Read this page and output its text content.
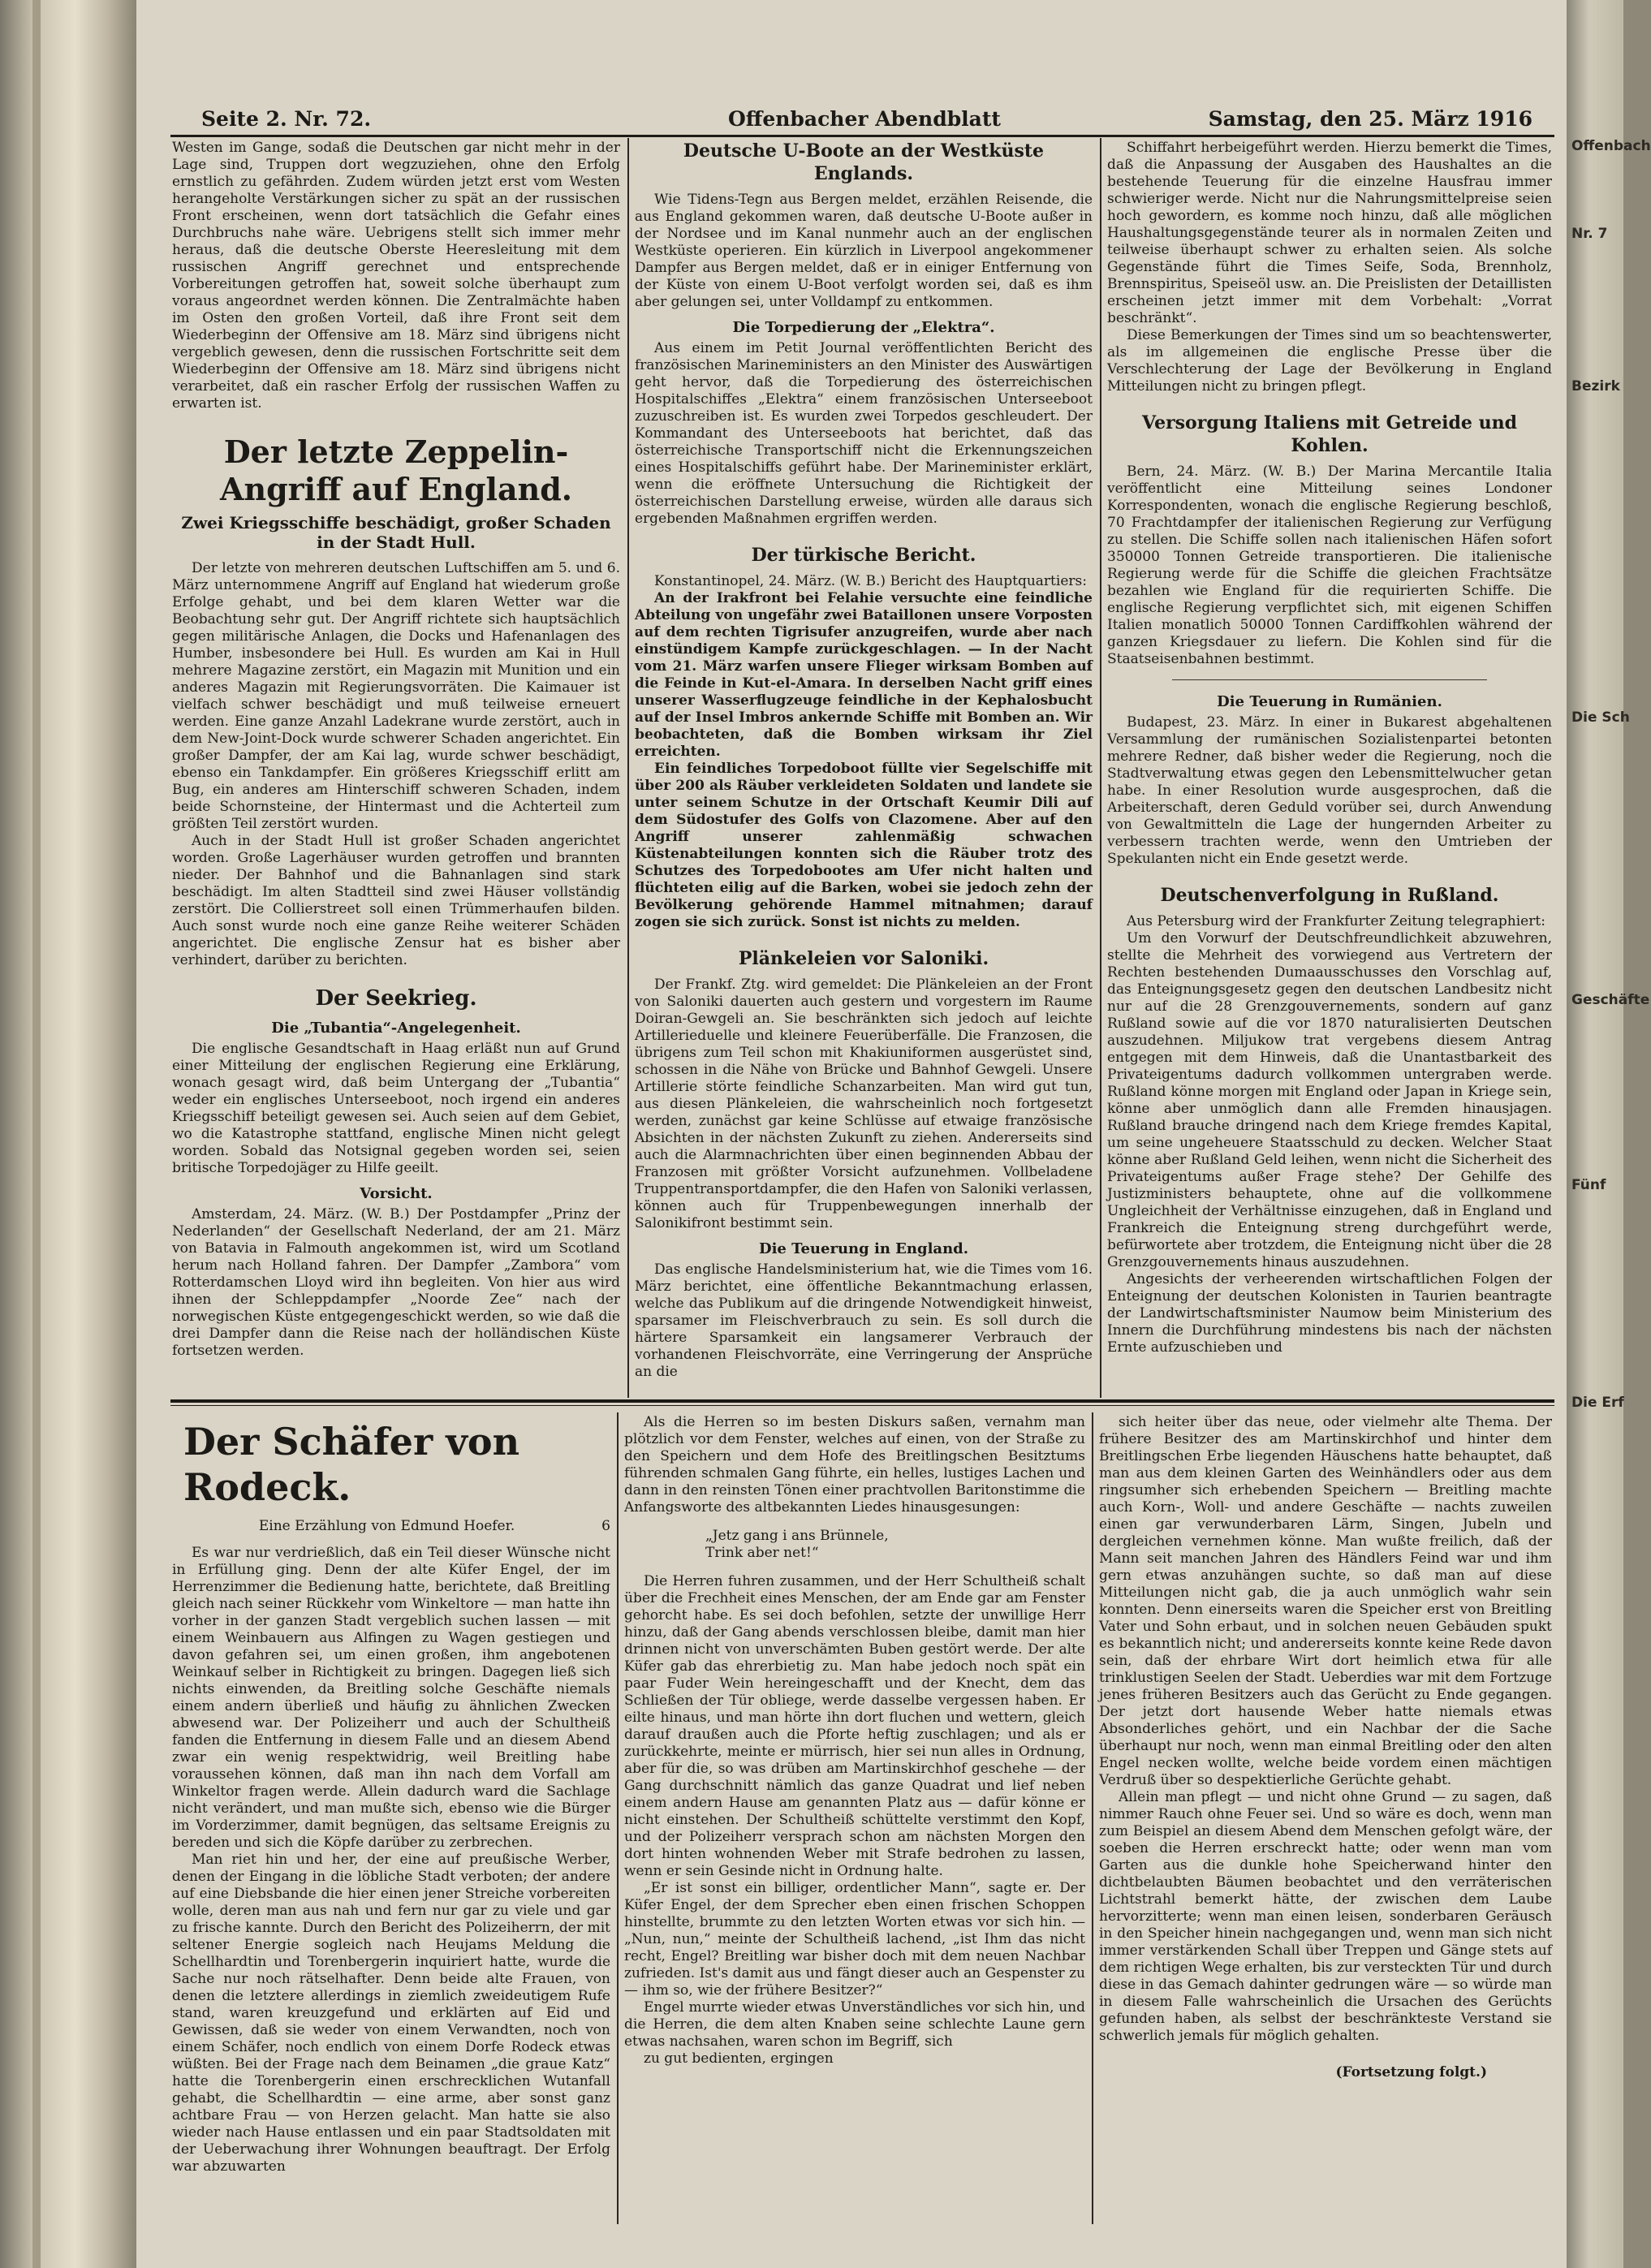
Offenbach
Nr. 7
Bezirk
Die Sch
Geschäfte
Fünf
Die Erf
Seite 2. Nr. 72.	Offenbacher Abendblatt	Samstag, den 25. März 1916

Westen im Gange, sodaß die Deutschen gar nicht mehr in der Lage sind, Truppen dort wegzuziehen, ohne den Erfolg ernstlich zu gefährden. Zudem würden jetzt erst vom Westen herangeholte Verstärkungen sicher zu spät an der russischen Front erscheinen, wenn dort tatsächlich die Gefahr eines Durchbruchs nahe wäre. Uebrigens stellt sich immer mehr heraus, daß die deutsche Oberste Heeresleitung mit dem russischen Angriff gerechnet und entsprechende Vorbereitungen getroffen hat, soweit solche überhaupt zum voraus angeordnet werden können. Die Zentralmächte haben im Osten den großen Vorteil, daß ihre Front seit dem Wiederbeginn der Offensive am 18. März sind übrigens nicht vergeblich gewesen, denn die russischen Fortschritte seit dem Wiederbeginn der Offensive am 18. März sind übrigens nicht verarbeitet, daß ein rascher Erfolg der russischen Waffen zu erwarten ist.

Der letzte Zeppelin-Angriff auf England.
Zwei Kriegsschiffe beschädigt, großer Schaden in der Stadt Hull.

Der letzte von mehreren deutschen Luftschiffen am 5. und 6. März unternommene Angriff auf England hat wiederum große Erfolge gehabt, und bei dem klaren Wetter war die Beobachtung sehr gut. Der Angriff richtete sich hauptsächlich gegen militärische Anlagen, die Docks und Hafenanlagen des Humber, insbesondere bei Hull. Es wurden am Kai in Hull mehrere Magazine zerstört, ein Magazin mit Munition und ein anderes Magazin mit Regierungsvorräten. Die Kaimauer ist vielfach schwer beschädigt und muß teilweise erneuert werden. Eine ganze Anzahl Ladekrane wurde zerstört, auch in dem New-Joint-Dock wurde schwerer Schaden angerichtet. Ein großer Dampfer, der am Kai lag, wurde schwer beschädigt, ebenso ein Tankdampfer. Ein größeres Kriegsschiff erlitt am Bug, ein anderes am Hinterschiff schweren Schaden, indem beide Schornsteine, der Hintermast und die Achterteil zum größten Teil zerstört wurden.

Auch in der Stadt Hull ist großer Schaden angerichtet worden. Große Lagerhäuser wurden getroffen und brannten nieder. Der Bahnhof und die Bahnanlagen sind stark beschädigt. Im alten Stadtteil sind zwei Häuser vollständig zerstört. Die Collierstreet soll einen Trümmerhaufen bilden. Auch sonst wurde noch eine ganze Reihe weiterer Schäden angerichtet. Die englische Zensur hat es bisher aber verhindert, darüber zu berichten.

Der Seekrieg.
Die „Tubantia“-Angelegenheit.

Die englische Gesandtschaft in Haag erläßt nun auf Grund einer Mitteilung der englischen Regierung eine Erklärung, wonach gesagt wird, daß beim Untergang der „Tubantia“ weder ein englisches Unterseeboot, noch irgend ein anderes Kriegsschiff beteiligt gewesen sei. Auch seien auf dem Gebiet, wo die Katastrophe stattfand, englische Minen nicht gelegt worden. Sobald das Notsignal gegeben worden sei, seien britische Torpedojäger zu Hilfe geeilt.

Vorsicht.

Amsterdam, 24. März. (W. B.) Der Postdampfer „Prinz der Nederlanden“ der Gesellschaft Nederland, der am 21. März von Batavia in Falmouth angekommen ist, wird um Scotland herum nach Holland fahren. Der Dampfer „Zambora“ vom Rotterdamschen Lloyd wird ihn begleiten. Von hier aus wird ihnen der Schleppdampfer „Noorde Zee“ nach der norwegischen Küste entgegengeschickt werden, so wie daß die drei Dampfer dann die Reise nach der holländischen Küste fortsetzen werden.

Deutsche U-Boote an der Westküste Englands.

Wie Tidens-Tegn aus Bergen meldet, erzählen Reisende, die aus England gekommen waren, daß deutsche U-Boote außer in der Nordsee und im Kanal nunmehr auch an der englischen Westküste operieren. Ein kürzlich in Liverpool angekommener Dampfer aus Bergen meldet, daß er in einiger Entfernung von der Küste von einem U-Boot verfolgt worden sei, daß es ihm aber gelungen sei, unter Volldampf zu entkommen.

Die Torpedierung der „Elektra“.

Aus einem im Petit Journal veröffentlichten Bericht des französischen Marineministers an den Minister des Auswärtigen geht hervor, daß die Torpedierung des österreichischen Hospitalschiffes „Elektra“ einem französischen Unterseeboot zuzuschreiben ist. Es wurden zwei Torpedos geschleudert. Der Kommandant des Unterseeboots hat berichtet, daß das österreichische Transportschiff nicht die Erkennungszeichen eines Hospitalschiffs geführt habe. Der Marineminister erklärt, wenn die eröffnete Untersuchung die Richtigkeit der österreichischen Darstellung erweise, würden alle daraus sich ergebenden Maßnahmen ergriffen werden.

Der türkische Bericht.

Konstantinopel, 24. März. (W. B.) Bericht des Hauptquartiers:

An der Irakfront bei Felahie versuchte eine feindliche Abteilung von ungefähr zwei Bataillonen unsere Vorposten auf dem rechten Tigrisufer anzugreifen, wurde aber nach einstündigem Kampfe zurückgeschlagen. — In der Nacht vom 21. März warfen unsere Flieger wirksam Bomben auf die Feinde in Kut-el-Amara. In derselben Nacht griff eines unserer Wasserflugzeuge feindliche in der Kephalosbucht auf der Insel Imbros ankernde Schiffe mit Bomben an. Wir beobachteten, daß die Bomben wirksam ihr Ziel erreichten.

Ein feindliches Torpedoboot füllte vier Segelschiffe mit über 200 als Räuber verkleideten Soldaten und landete sie unter seinem Schutze in der Ortschaft Keumir Dili auf dem Südostufer des Golfs von Clazomene. Aber auf den Angriff unserer zahlenmäßig schwachen Küstenabteilungen konnten sich die Räuber trotz des Schutzes des Torpedobootes am Ufer nicht halten und flüchteten eilig auf die Barken, wobei sie jedoch zehn der Bevölkerung gehörende Hammel mitnahmen; darauf zogen sie sich zurück. Sonst ist nichts zu melden.

Plänkeleien vor Saloniki.

Der Frankf. Ztg. wird gemeldet: Die Plänkeleien an der Front von Saloniki dauerten auch gestern und vorgestern im Raume Doiran-Gewgeli an. Sie beschränkten sich jedoch auf leichte Artillerieduelle und kleinere Feuerüberfälle. Die Franzosen, die übrigens zum Teil schon mit Khakiuniformen ausgerüstet sind, schossen in die Nähe von Brücke und Bahnhof Gewgeli. Unsere Artillerie störte feindliche Schanzarbeiten. Man wird gut tun, aus diesen Plänkeleien, die wahrscheinlich noch fortgesetzt werden, zunächst gar keine Schlüsse auf etwaige französische Absichten in der nächsten Zukunft zu ziehen. Andererseits sind auch die Alarmnachrichten über einen beginnenden Abbau der Franzosen mit größter Vorsicht aufzunehmen. Vollbeladene Truppentransportdampfer, die den Hafen von Saloniki verlassen, können auch für Truppenbewegungen innerhalb der Salonikifront bestimmt sein.

Die Teuerung in England.

Das englische Handelsministerium hat, wie die Times vom 16. März berichtet, eine öffentliche Bekanntmachung erlassen, welche das Publikum auf die dringende Notwendigkeit hinweist, sparsamer im Fleischverbrauch zu sein. Es soll durch die härtere Sparsamkeit ein langsamerer Verbrauch der vorhandenen Fleischvorräte, eine Verringerung der Ansprüche an die

Schiffahrt herbeigeführt werden. Hierzu bemerkt die Times, daß die Anpassung der Ausgaben des Haushaltes an die bestehende Teuerung für die einzelne Hausfrau immer schwieriger werde. Nicht nur die Nahrungsmittelpreise seien hoch gewordern, es komme noch hinzu, daß alle möglichen Haushaltungsgegenstände teurer als in normalen Zeiten und teilweise überhaupt schwer zu erhalten seien. Als solche Gegenstände führt die Times Seife, Soda, Brennholz, Brennspiritus, Speiseöl usw. an. Die Preislisten der Detaillisten erscheinen jetzt immer mit dem Vorbehalt: „Vorrat beschränkt“.

Diese Bemerkungen der Times sind um so beachtenswerter, als im allgemeinen die englische Presse über die Verschlechterung der Lage der Bevölkerung in England Mitteilungen nicht zu bringen pflegt.

Versorgung Italiens mit Getreide und Kohlen.

Bern, 24. März. (W. B.) Der Marina Mercantile Italia veröffentlicht eine Mitteilung seines Londoner Korrespondenten, wonach die englische Regierung beschloß, 70 Frachtdampfer der italienischen Regierung zur Verfügung zu stellen. Die Schiffe sollen nach italienischen Häfen sofort 350000 Tonnen Getreide transportieren. Die italienische Regierung werde für die Schiffe die gleichen Frachtsätze bezahlen wie England für die requirierten Schiffe. Die englische Regierung verpflichtet sich, mit eigenen Schiffen Italien monatlich 50000 Tonnen Cardiffkohlen während der ganzen Kriegsdauer zu liefern. Die Kohlen sind für die Staatseisenbahnen bestimmt.

Die Teuerung in Rumänien.

Budapest, 23. März. In einer in Bukarest abgehaltenen Versammlung der rumänischen Sozialistenpartei betonten mehrere Redner, daß bisher weder die Regierung, noch die Stadtverwaltung etwas gegen den Lebensmittelwucher getan habe. In einer Resolution wurde ausgesprochen, daß die Arbeiterschaft, deren Geduld vorüber sei, durch Anwendung von Gewaltmitteln die Lage der hungernden Arbeiter zu verbessern trachten werde, wenn den Umtrieben der Spekulanten nicht ein Ende gesetzt werde.

Deutschenverfolgung in Rußland.

Aus Petersburg wird der Frankfurter Zeitung telegraphiert:

Um den Vorwurf der Deutschfreundlichkeit abzuwehren, stellte die Mehrheit des vorwiegend aus Vertretern der Rechten bestehenden Dumaausschusses den Vorschlag auf, das Enteignungsgesetz gegen den deutschen Landbesitz nicht nur auf die 28 Grenzgouvernements, sondern auf ganz Rußland sowie auf die vor 1870 naturalisierten Deutschen auszudehnen. Miljukow trat vergebens diesem Antrag entgegen mit dem Hinweis, daß die Unantastbarkeit des Privateigentums dadurch vollkommen untergraben werde. Rußland könne morgen mit England oder Japan in Kriege sein, könne aber unmöglich dann alle Fremden hinausjagen. Rußland brauche dringend nach dem Kriege fremdes Kapital, um seine ungeheuere Staatsschuld zu decken. Welcher Staat könne aber Rußland Geld leihen, wenn nicht die Sicherheit des Privateigentums außer Frage stehe? Der Gehilfe des Justizministers behauptete, ohne auf die vollkommene Ungleichheit der Verhältnisse einzugehen, daß in England und Frankreich die Enteignung streng durchgeführt werde, befürwortete aber trotzdem, die Enteignung nicht über die 28 Grenzgouvernements hinaus auszudehnen.

Angesichts der verheerenden wirtschaftlichen Folgen der Enteignung der deutschen Kolonisten in Taurien beantragte der Landwirtschaftsminister Naumow beim Ministerium des Innern die Durchführung mindestens bis nach der nächsten Ernte aufzuschieben und

Der Schäfer von Rodeck.
Eine Erzählung von Edmund Hoefer.	6

Es war nur verdrießlich, daß ein Teil dieser Wünsche nicht in Erfüllung ging. Denn der alte Küfer Engel, der im Herrenzimmer die Bedienung hatte, berichtete, daß Breitling gleich nach seiner Rückkehr vom Winkeltore — man hatte ihn vorher in der ganzen Stadt vergeblich suchen lassen — mit einem Weinbauern aus Alfingen zu Wagen gestiegen und davon gefahren sei, um einen großen, ihm angebotenen Weinkauf selber in Richtigkeit zu bringen. Dagegen ließ sich nichts einwenden, da Breitling solche Geschäfte niemals einem andern überließ und häufig zu ähnlichen Zwecken abwesend war. Der Polizeiherr und auch der Schultheiß fanden die Entfernung in diesem Falle und an diesem Abend zwar ein wenig respektwidrig, weil Breitling habe voraussehen können, daß man ihn nach dem Vorfall am Winkeltor fragen werde. Allein dadurch ward die Sachlage nicht verändert, und man mußte sich, ebenso wie die Bürger im Vorderzimmer, damit begnügen, das seltsame Ereignis zu bereden und sich die Köpfe darüber zu zerbrechen.

Man riet hin und her, der eine auf preußische Werber, denen der Eingang in die löbliche Stadt verboten; der andere auf eine Diebsbande die hier einen jener Streiche vorbereiten wolle, deren man aus nah und fern nur gar zu viele und gar zu frische kannte. Durch den Bericht des Polizeiherrn, der mit seltener Energie sogleich nach Heujams Meldung die Schellhardtin und Torenbergerin inquiriert hatte, wurde die Sache nur noch rätselhafter. Denn beide alte Frauen, von denen die letztere allerdings in ziemlich zweideutigem Rufe stand, waren kreuzgefund und erklärten auf Eid und Gewissen, daß sie weder von einem Verwandten, noch von einem Schäfer, noch endlich von einem Dorfe Rodeck etwas wüßten. Bei der Frage nach dem Beinamen „die graue Katz“ hatte die Torenbergerin einen erschrecklichen Wutanfall gehabt, die Schellhardtin — eine arme, aber sonst ganz achtbare Frau — von Herzen gelacht. Man hatte sie also wieder nach Hause entlassen und ein paar Stadtsoldaten mit der Ueberwachung ihrer Wohnungen beauftragt. Der Erfolg war abzuwarten

Als die Herren so im besten Diskurs saßen, vernahm man plötzlich vor dem Fenster, welches auf einen, von der Straße zu den Speichern und dem Hofe des Breitlingschen Besitztums führenden schmalen Gang führte, ein helles, lustiges Lachen und dann in den reinsten Tönen einer prachtvollen Baritonstimme die Anfangsworte des altbekannten Liedes hinausgesungen:

„Jetz gang i ans Brünnele,
Trink aber net!“

Die Herren fuhren zusammen, und der Herr Schultheiß schalt über die Frechheit eines Menschen, der am Ende gar am Fenster gehorcht habe. Es sei doch befohlen, setzte der unwillige Herr hinzu, daß der Gang abends verschlossen bleibe, damit man hier drinnen nicht von unverschämten Buben gestört werde. Der alte Küfer gab das ehrerbietig zu. Man habe jedoch noch spät ein paar Fuder Wein hereingeschafft und der Knecht, dem das Schließen der Tür obliege, werde dasselbe vergessen haben. Er eilte hinaus, und man hörte ihn dort fluchen und wettern, gleich darauf draußen auch die Pforte heftig zuschlagen; und als er zurückkehrte, meinte er mürrisch, hier sei nun alles in Ordnung, aber für die, so was drüben am Martinskirchhof geschehe — der Gang durchschnitt nämlich das ganze Quadrat und lief neben einem andern Hause am genannten Platz aus — dafür könne er nicht einstehen. Der Schultheiß schüttelte verstimmt den Kopf, und der Polizeiherr versprach schon am nächsten Morgen den dort hinten wohnenden Weber mit Strafe bedrohen zu lassen, wenn er sein Gesinde nicht in Ordnung halte.

„Er ist sonst ein billiger, ordentlicher Mann“, sagte er. Der Küfer Engel, der dem Sprecher eben einen frischen Schoppen hinstellte, brummte zu den letzten Worten etwas vor sich hin. — „Nun, nun,“ meinte der Schultheiß lachend, „ist Ihm das nicht recht, Engel? Breitling war bisher doch mit dem neuen Nachbar zufrieden. Ist's damit aus und fängt dieser auch an Gespenster zu — ihm so, wie der frühere Besitzer?“

Engel murrte wieder etwas Unverständliches vor sich hin, und die Herren, die dem alten Knaben seine schlechte Laune gern etwas nachsahen, waren schon im Begriff, sich

zu gut bedienten, ergingen

sich heiter über das neue, oder vielmehr alte Thema. Der frühere Besitzer des am Martinskirchhof und hinter dem Breitlingschen Erbe liegenden Häuschens hatte behauptet, daß man aus dem kleinen Garten des Weinhändlers oder aus dem ringsumher sich erhebenden Speichern — Breitling machte auch Korn-, Woll- und andere Geschäfte — nachts zuweilen einen gar verwunderbaren Lärm, Singen, Jubeln und dergleichen vernehmen könne. Man wußte freilich, daß der Mann seit manchen Jahren des Händlers Feind war und ihm gern etwas anzuhängen suchte, so daß man auf diese Mitteilungen nicht gab, die ja auch unmöglich wahr sein konnten. Denn einerseits waren die Speicher erst von Breitling Vater und Sohn erbaut, und in solchen neuen Gebäuden spukt es bekanntlich nicht; und andererseits konnte keine Rede davon sein, daß der ehrbare Wirt dort heimlich etwa für alle trinklustigen Seelen der Stadt. Ueberdies war mit dem Fortzuge jenes früheren Besitzers auch das Gerücht zu Ende gegangen. Der jetzt dort hausende Weber hatte niemals etwas Absonderliches gehört, und ein Nachbar der die Sache überhaupt nur noch, wenn man einmal Breitling oder den alten Engel necken wollte, welche beide vordem einen mächtigen Verdruß über so despektierliche Gerüchte gehabt.

Allein man pflegt — und nicht ohne Grund — zu sagen, daß nimmer Rauch ohne Feuer sei. Und so wäre es doch, wenn man zum Beispiel an diesem Abend dem Menschen gefolgt wäre, der soeben die Herren erschreckt hatte; oder wenn man vom Garten aus die dunkle hohe Speicherwand hinter den dichtbelaubten Bäumen beobachtet und den verräterischen Lichtstrahl bemerkt hätte, der zwischen dem Laube hervorzitterte; wenn man einen leisen, sonderbaren Geräusch in den Speicher hinein nachgegangen und, wenn man sich nicht immer verstärkenden Schall über Treppen und Gänge stets auf dem richtigen Wege erhalten, bis zur versteckten Tür und durch diese in das Gemach dahinter gedrungen wäre — so würde man in diesem Falle wahrscheinlich die Ursachen des Gerüchts gefunden haben, als selbst der beschränkteste Verstand sie schwerlich jemals für möglich gehalten.

(Fortsetzung folgt.)
